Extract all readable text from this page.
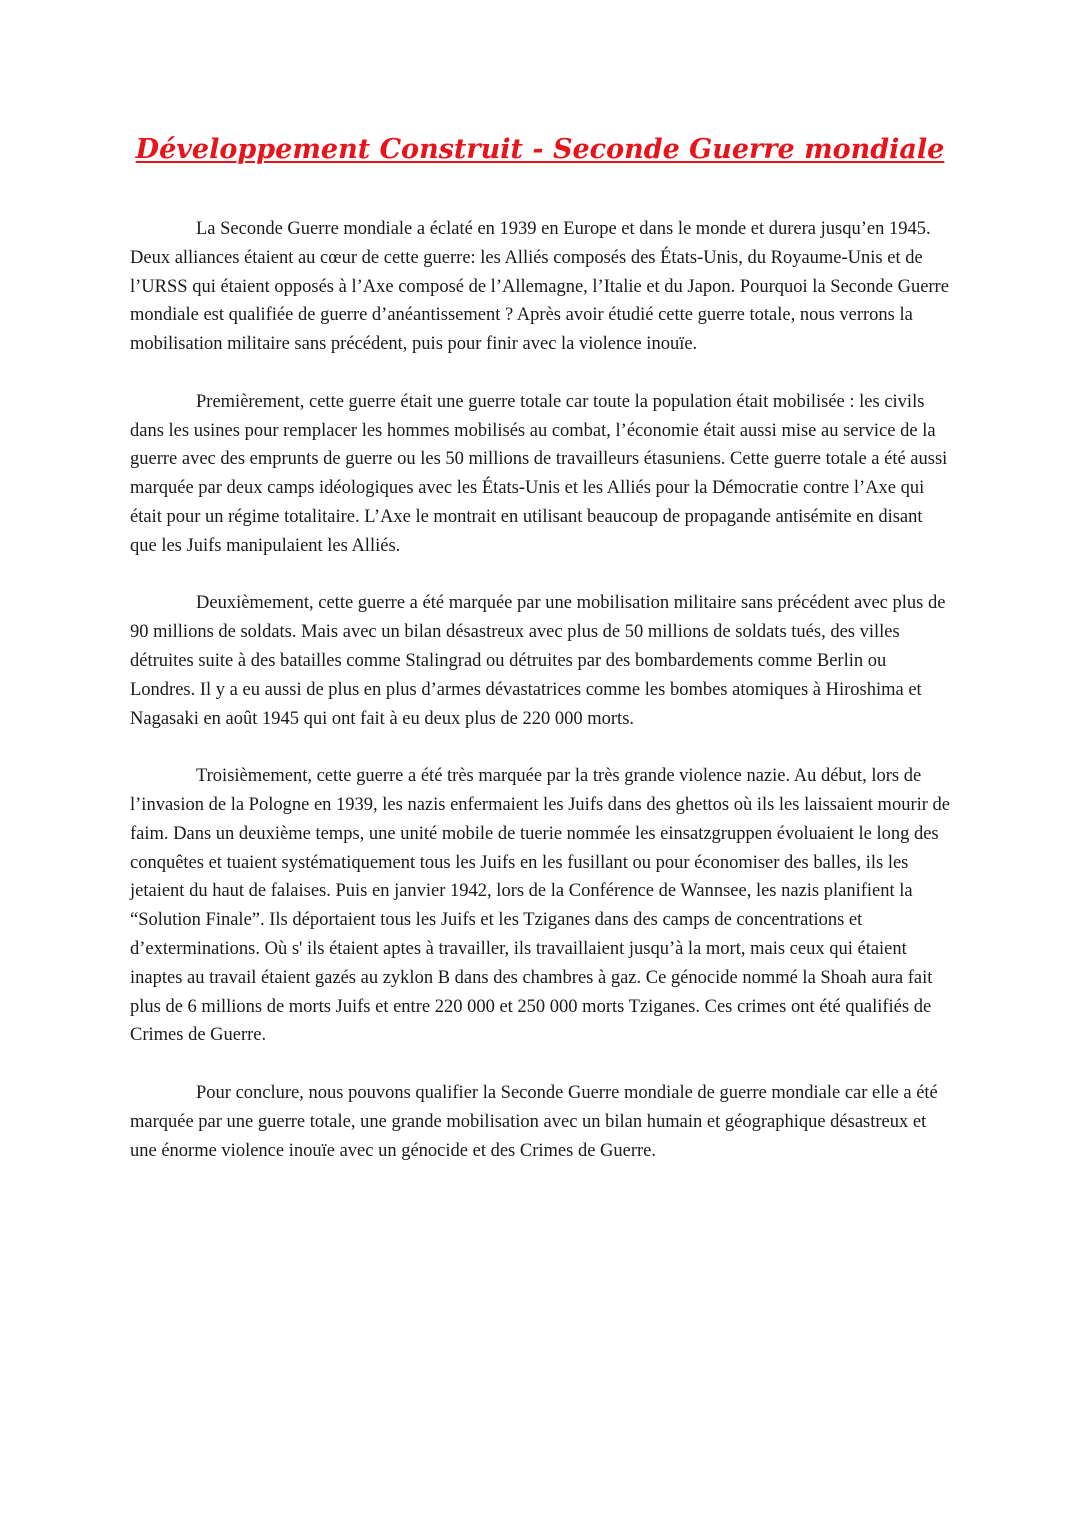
Développement Construit - Seconde Guerre mondiale

La Seconde Guerre mondiale a éclaté en 1939 en Europe et dans le monde et durera jusqu’en 1945. Deux alliances étaient au cœur de cette guerre: les Alliés composés des États-Unis, du Royaume-Unis et de l’URSS qui étaient opposés à l’Axe composé de l’Allemagne, l’Italie et du Japon. Pourquoi la Seconde Guerre mondiale est qualifiée de guerre d’anéantissement ? Après avoir étudié cette guerre totale, nous verrons la mobilisation militaire sans précédent, puis pour finir avec la violence inouïe.

Premièrement, cette guerre était une guerre totale car toute la population était mobilisée : les civils dans les usines pour remplacer les hommes mobilisés au combat, l’économie était aussi mise au service de la guerre avec des emprunts de guerre ou les 50 millions de travailleurs étasuniens. Cette guerre totale a été aussi marquée par deux camps idéologiques avec les États-Unis et les Alliés pour la Démocratie contre l’Axe qui était pour un régime totalitaire. L’Axe le montrait en utilisant beaucoup de propagande antisémite en disant que les Juifs manipulaient les Alliés.

Deuxièmement, cette guerre a été marquée par une mobilisation militaire sans précédent avec plus de 90 millions de soldats. Mais avec un bilan désastreux avec plus de 50 millions de soldats tués, des villes détruites suite à des batailles comme Stalingrad ou détruites par des bombardements comme Berlin ou Londres. Il y a eu aussi de plus en plus d’armes dévastatrices comme les bombes atomiques à Hiroshima et Nagasaki en août 1945 qui ont fait à eu deux plus de 220 000 morts.

Troisièmement, cette guerre a été très marquée par la très grande violence nazie. Au début, lors de l’invasion de la Pologne en 1939, les nazis enfermaient les Juifs dans des ghettos où ils les laissaient mourir de faim. Dans un deuxième temps, une unité mobile de tuerie nommée les einsatzgruppen évoluaient le long des conquêtes et tuaient systématiquement tous les Juifs en les fusillant ou pour économiser des balles, ils les jetaient du haut de falaises. Puis en janvier 1942, lors de la Conférence de Wannsee, les nazis planifient la “Solution Finale”. Ils déportaient tous les Juifs et les Tziganes dans des camps de concentrations et d’exterminations. Où s' ils étaient aptes à travailler, ils travaillaient jusqu’à la mort, mais ceux qui étaient inaptes au travail étaient gazés au zyklon B dans des chambres à gaz. Ce génocide nommé la Shoah aura fait plus de 6 millions de morts Juifs et entre 220 000 et 250 000 morts Tziganes. Ces crimes ont été qualifiés de Crimes de Guerre.

Pour conclure, nous pouvons qualifier la Seconde Guerre mondiale de guerre mondiale car elle a été marquée par une guerre totale, une grande mobilisation avec un bilan humain et géographique désastreux et une énorme violence inouïe avec un génocide et des Crimes de Guerre.
